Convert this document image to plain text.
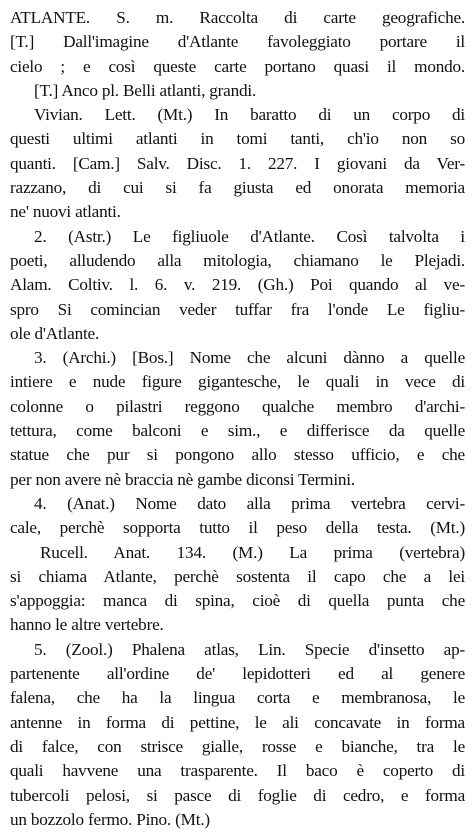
ATLANTE. S. m. Raccolta di carte geografiche.
[T.] Dall'imagine d'Atlante favoleggiato portare il
cielo ; e così queste carte portano quasi il mondo.
[T.] Anco pl. Belli atlanti, grandi.
Vivian. Lett. (Mt.) In baratto di un corpo di
questi ultimi atlanti in tomi tanti, ch'io non so
quanti. [Cam.] Salv. Disc. 1. 227. I giovani da Ver-
razzano, di cui si fa giusta ed onorata memoria
ne' nuovi atlanti.
2. (Astr.) Le figliuole d'Atlante. Così talvolta i
poeti, alludendo alla mitologia, chiamano le Plejadi.
Alam. Coltiv. l. 6. v. 219. (Gh.) Poi quando al ve-
spro Si comincian veder tuffar fra l'onde Le figliu-
ole d'Atlante.
3. (Archi.) [Bos.] Nome che alcuni dànno a quelle
intiere e nude figure gigantesche, le quali in vece di
colonne o pilastri reggono qualche membro d'archi-
tettura, come balconi e sim., e differisce da quelle
statue che pur si pongono allo stesso ufficio, e che
per non avere nè braccia nè gambe diconsi Termini.
4. (Anat.) Nome dato alla prima vertebra cervi-
cale, perchè sopporta tutto il peso della testa. (Mt.)
Rucell. Anat. 134. (M.) La prima (vertebra)
si chiama Atlante, perchè sostenta il capo che a lei
s'appoggia: manca di spina, cioè di quella punta che
hanno le altre vertebre.
5. (Zool.) Phalena atlas, Lin. Specie d'insetto ap-
partenente all'ordine de' lepidotteri ed al genere
falena, che ha la lingua corta e membranosa, le
antenne in forma di pettine, le ali concavate in forma
di falce, con strisce gialle, rosse e bianche, tra le
quali havvene una trasparente. Il baco è coperto di
tubercoli pelosi, si pasce di foglie di cedro, e forma
un bozzolo fermo. Pino. (Mt.)
